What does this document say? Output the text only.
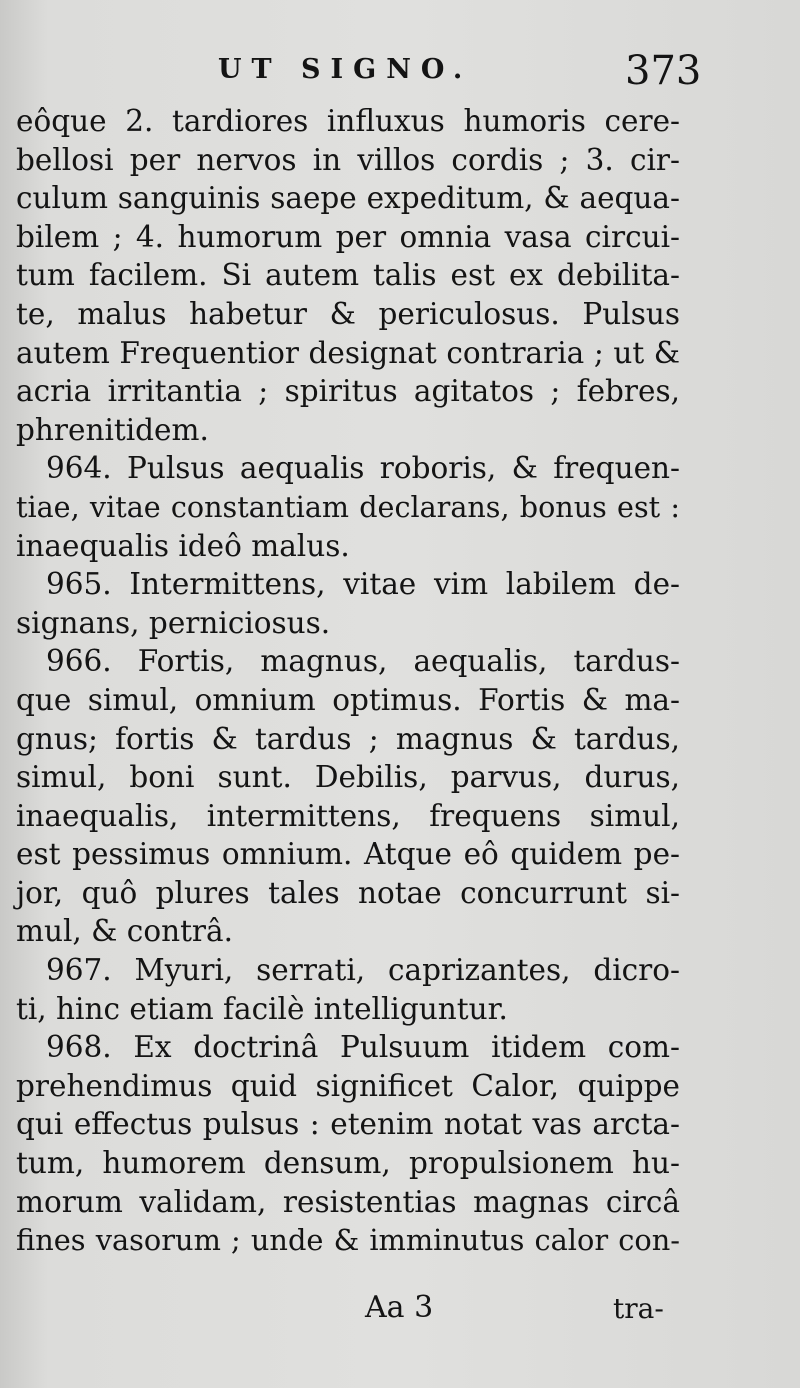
UT SIGNO.	373
eôque 2. tardiores influxus humoris cere-
bellosi per nervos in villos cordis ; 3. cir-
culum sanguinis saepe expeditum, & aequa-
bilem ; 4. humorum per omnia vasa circui-
tum facilem. Si autem talis est ex debilita-
te, malus habetur & periculosus. Pulsus
autem Frequentior designat contraria ; ut &
acria irritantia ; spiritus agitatos ; febres,
phrenitidem.
964. Pulsus aequalis roboris, & frequen-
tiae, vitae constantiam declarans, bonus est :
inaequalis ideô malus.
965. Intermittens, vitae vim labilem de-
signans, perniciosus.
966. Fortis, magnus, aequalis, tardus-
que simul, omnium optimus. Fortis & ma-
gnus; fortis & tardus ; magnus & tardus,
simul, boni sunt. Debilis, parvus, durus,
inaequalis, intermittens, frequens simul,
est pessimus omnium. Atque eô quidem pe-
jor, quô plures tales notae concurrunt si-
mul, & contrâ.
967. Myuri, serrati, caprizantes, dicro-
ti, hinc etiam facilè intelliguntur.
968. Ex doctrinâ Pulsuum itidem com-
prehendimus quid significet Calor, quippe
qui effectus pulsus : etenim notat vas arcta-
tum, humorem densum, propulsionem hu-
morum validam, resistentias magnas circâ
fines vasorum ; unde & imminutus calor con-
Aa 3	tra-
